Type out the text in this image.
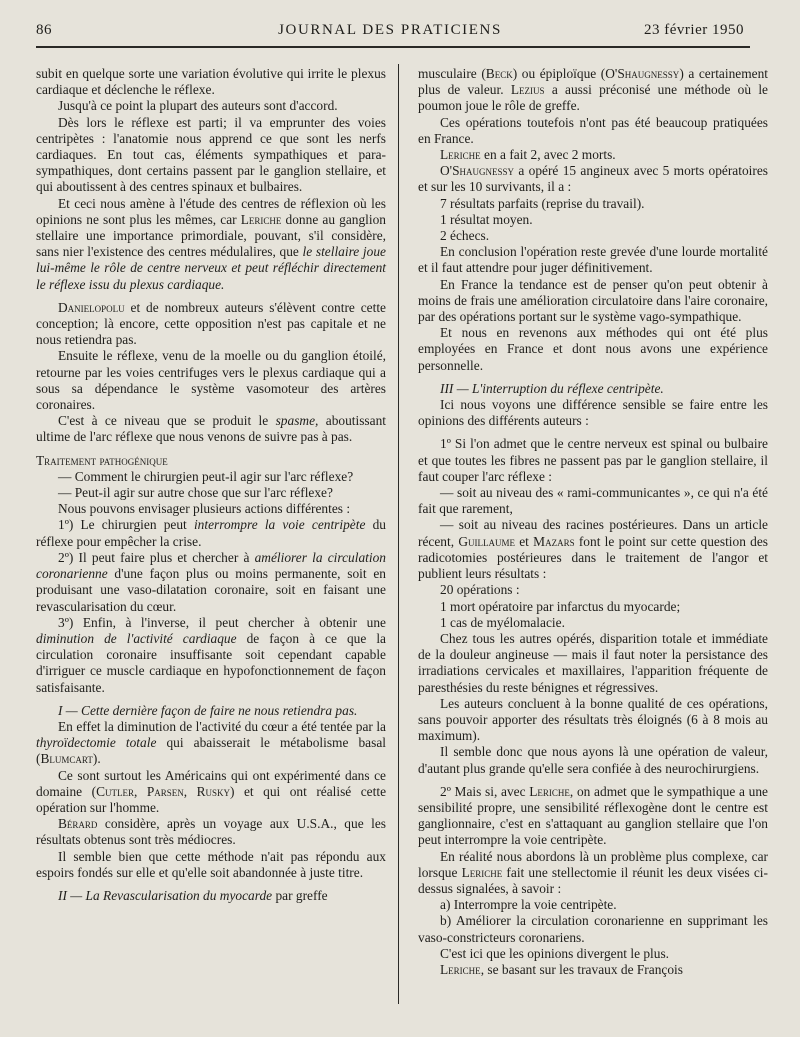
86	JOURNAL DES PRATICIENS	23 février 1950

subit en quelque sorte une variation évolutive qui irrite le plexus cardiaque et déclenche le réflexe.

Jusqu'à ce point la plupart des auteurs sont d'accord.

Dès lors le réflexe est parti; il va emprunter des voies centripètes : l'anatomie nous apprend ce que sont les nerfs cardiaques. En tout cas, éléments sympathiques et para-sympathiques, dont certains passent par le ganglion stellaire, et qui aboutissent à des centres spinaux et bulbaires.

Et ceci nous amène à l'étude des centres de réflexion où les opinions ne sont plus les mêmes, car Leriche donne au ganglion stellaire une importance primordiale, pouvant, s'il considère, sans nier l'existence des centres médulalires, que le stellaire joue lui-même le rôle de centre nerveux et peut réfléchir directement le réflexe issu du plexus cardiaque.

Danielopolu et de nombreux auteurs s'élèvent contre cette conception; là encore, cette opposition n'est pas capitale et ne nous retiendra pas.

Ensuite le réflexe, venu de la moelle ou du ganglion étoilé, retourne par les voies centrifuges vers le plexus cardiaque qui a sous sa dépendance le système vasomoteur des artères coronaires.

C'est à ce niveau que se produit le spasme, aboutissant ultime de l'arc réflexe que nous venons de suivre pas à pas.

Traitement pathogénique

— Comment le chirurgien peut-il agir sur l'arc réflexe?

— Peut-il agir sur autre chose que sur l'arc réflexe?

Nous pouvons envisager plusieurs actions différentes :

1º) Le chirurgien peut interrompre la voie centripète du réflexe pour empêcher la crise.

2º) Il peut faire plus et chercher à améliorer la circulation coronarienne d'une façon plus ou moins permanente, soit en produisant une vaso-dilatation coronaire, soit en faisant une revascularisation du cœur.

3º) Enfin, à l'inverse, il peut chercher à obtenir une diminution de l'activité cardiaque de façon à ce que la circulation coronaire insuffisante soit cependant capable d'irriguer ce muscle cardiaque en hypofonctionnement de façon satisfaisante.

I — Cette dernière façon de faire ne nous retiendra pas.

En effet la diminution de l'activité du cœur a été tentée par la thyroïdectomie totale qui abaisserait le métabolisme basal (Blumcart).

Ce sont surtout les Américains qui ont expérimenté dans ce domaine (Cutler, Parsen, Rusky) et qui ont réalisé cette opération sur l'homme.

Bérard considère, après un voyage aux U.S.A., que les résultats obtenus sont très médiocres.

Il semble bien que cette méthode n'ait pas répondu aux espoirs fondés sur elle et qu'elle soit abandonnée à juste titre.

II — La Revascularisation du myocarde par greffe

musculaire (Beck) ou épiploïque (O'Shaugnessy) a certainement plus de valeur. Lezius a aussi préconisé une méthode où le poumon joue le rôle de greffe.

Ces opérations toutefois n'ont pas été beaucoup pratiquées en France.

Leriche en a fait 2, avec 2 morts.

O'Shaugnessy a opéré 15 angineux avec 5 morts opératoires et sur les 10 survivants, il a :

7 résultats parfaits (reprise du travail).

1 résultat moyen.

2 échecs.

En conclusion l'opération reste grevée d'une lourde mortalité et il faut attendre pour juger définitivement.

En France la tendance est de penser qu'on peut obtenir à moins de frais une amélioration circulatoire dans l'aire coronaire, par des opérations portant sur le système vago-sympathique.

Et nous en revenons aux méthodes qui ont été plus employées en France et dont nous avons une expérience personnelle.

III — L'interruption du réflexe centripète.

Ici nous voyons une différence sensible se faire entre les opinions des différents auteurs :

1º Si l'on admet que le centre nerveux est spinal ou bulbaire et que toutes les fibres ne passent pas par le ganglion stellaire, il faut couper l'arc réflexe :

— soit au niveau des « rami-communicantes », ce qui n'a été fait que rarement,

— soit au niveau des racines postérieures. Dans un article récent, Guillaume et Mazars font le point sur cette question des radicotomies postérieures dans le traitement de l'angor et publient leurs résultats :

20 opérations :

1 mort opératoire par infarctus du myocarde;

1 cas de myélomalacie.

Chez tous les autres opérés, disparition totale et immédiate de la douleur angineuse — mais il faut noter la persistance des irradiations cervicales et maxillaires, l'apparition fréquente de paresthésies du reste bénignes et régressives.

Les auteurs concluent à la bonne qualité de ces opérations, sans pouvoir apporter des résultats très éloignés (6 à 8 mois au maximum).

Il semble donc que nous ayons là une opération de valeur, d'autant plus grande qu'elle sera confiée à des neurochirurgiens.

2º Mais si, avec Leriche, on admet que le sympathique a une sensibilité propre, une sensibilité réflexogène dont le centre est ganglionnaire, c'est en s'attaquant au ganglion stellaire que l'on peut interrompre la voie centripète.

En réalité nous abordons là un problème plus complexe, car lorsque Leriche fait une stellectomie il réunit les deux visées ci-dessus signalées, à savoir :

a) Interrompre la voie centripète.

b) Améliorer la circulation coronarienne en supprimant les vaso-constricteurs coronariens.

C'est ici que les opinions divergent le plus.

Leriche, se basant sur les travaux de François
